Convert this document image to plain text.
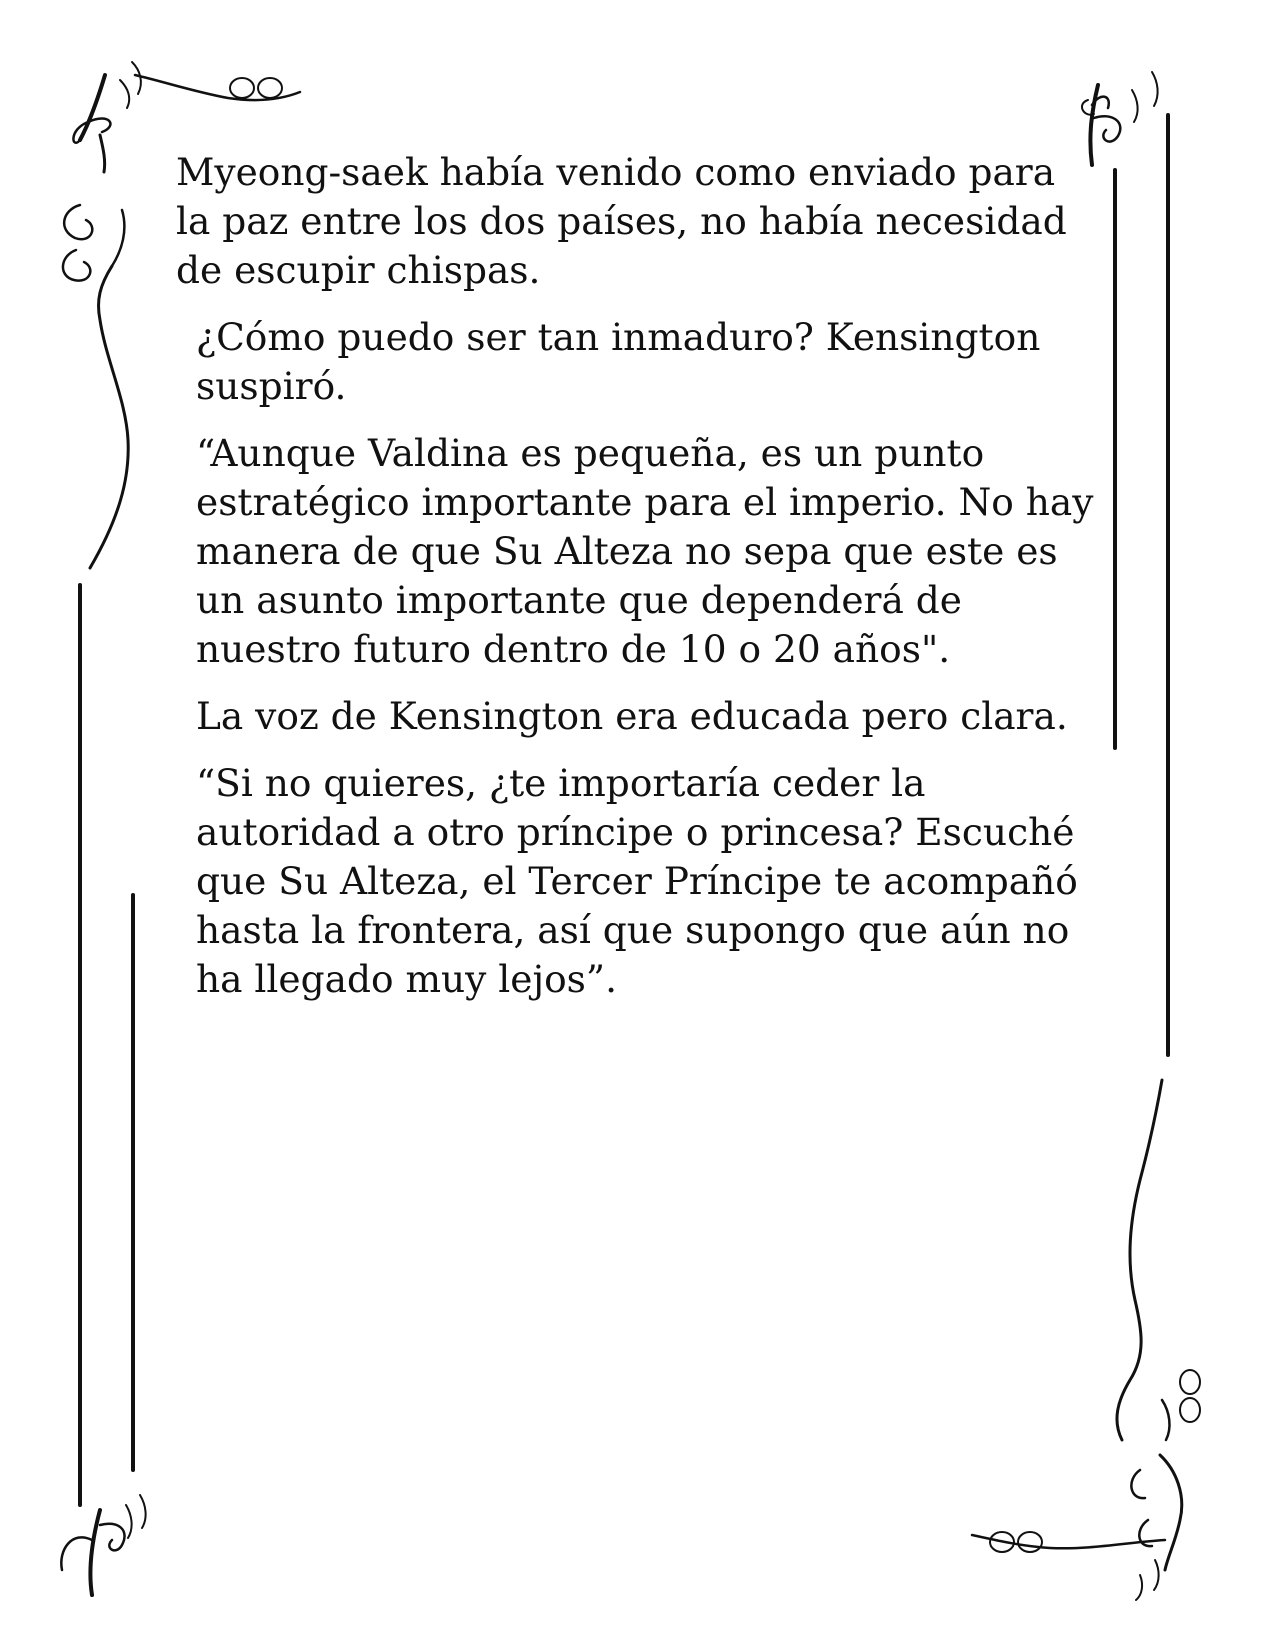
Myeong-saek había venido como enviado para
la paz entre los dos países, no había necesidad
de escupir chispas.

¿Cómo puedo ser tan inmaduro? Kensington
suspiró.

“Aunque Valdina es pequeña, es un punto
estratégico importante para el imperio. No hay
manera de que Su Alteza no sepa que este es
un asunto importante que dependerá de
nuestro futuro dentro de 10 o 20 años".

La voz de Kensington era educada pero clara.

“Si no quieres, ¿te importaría ceder la
autoridad a otro príncipe o princesa? Escuché
que Su Alteza, el Tercer Príncipe te acompañó
hasta la frontera, así que supongo que aún no
ha llegado muy lejos”.
